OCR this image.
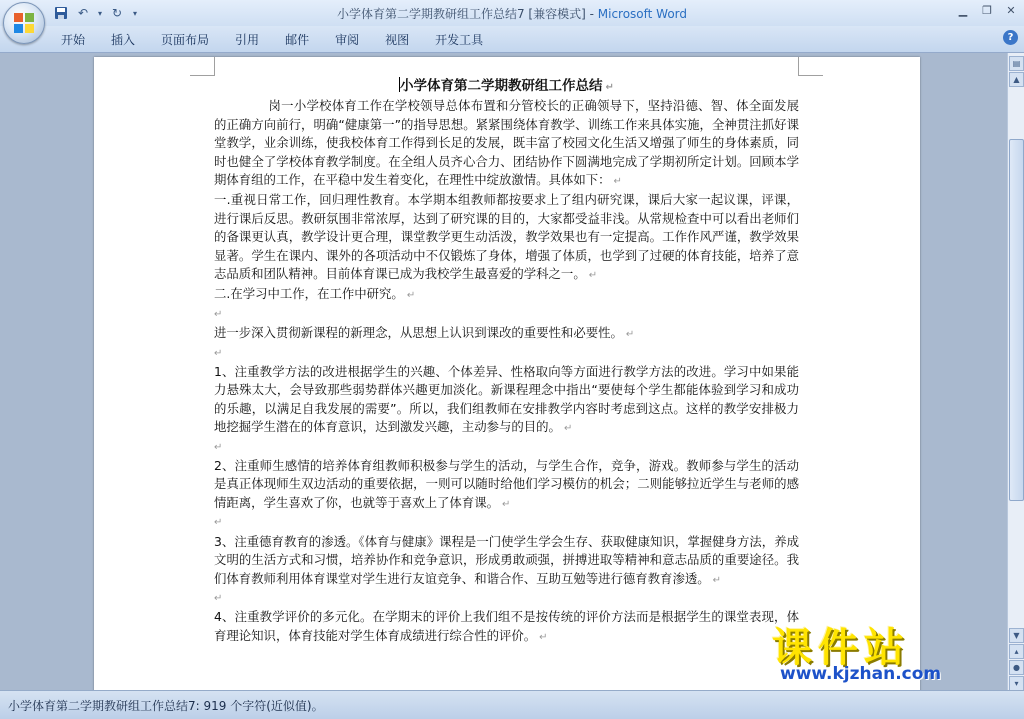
↶	▾ ↻	▾	小学体育第二学期教研组工作总结7 [兼容模式] - Microsoft Word	▁	❐	✕
开始	插入	页面布局	引用	邮件	审阅	视图	开发工具	?

小学体育第二学期教研组工作总结 ↵

岗一小学校体育工作在学校领导总体布置和分管校长的正确领导下，坚持沿德、智、体全面发展的正确方向前行，明确“健康第一”的指导思想。紧紧围绕体育教学、训练工作来具体实施，全神贯注抓好课堂教学，业余训练，使我校体育工作得到长足的发展，既丰富了校园文化生活又增强了师生的身体素质，同时也健全了学校体育教学制度。在全组人员齐心合力、团结协作下圆满地完成了学期初所定计划。回顾本学期体育组的工作，在平稳中发生着变化，在理性中绽放激情。具体如下： ↵

一.重视日常工作，回归理性教育。本学期本组教师都按要求上了组内研究课，课后大家一起议课，评课，进行课后反思。教研氛围非常浓厚，达到了研究课的目的，大家都受益非浅。从常规检查中可以看出老师们的备课更认真，教学设计更合理，课堂教学更生动活泼，教学效果也有一定提高。工作作风严谨，教学效果显著。学生在课内、课外的各项活动中不仅锻炼了身体，增强了体质，也学到了过硬的体育技能，培养了意志品质和团队精神。目前体育课已成为我校学生最喜爱的学科之一。 ↵

二.在学习中工作，在工作中研究。 ↵

↵

进一步深入贯彻新课程的新理念，从思想上认识到课改的重要性和必要性。 ↵

↵

1、注重教学方法的改进根据学生的兴趣、个体差异、性格取向等方面进行教学方法的改进。学习中如果能力悬殊太大，会导致那些弱势群体兴趣更加淡化。新课程理念中指出“要使每个学生都能体验到学习和成功的乐趣，以满足自我发展的需要”。所以，我们组教师在安排教学内容时考虑到这点。这样的教学安排极力地挖掘学生潜在的体育意识，达到激发兴趣，主动参与的目的。 ↵

↵

2、注重师生感情的培养体育组教师积极参与学生的活动，与学生合作，竞争，游戏。教师参与学生的活动是真正体现师生双边活动的重要依据，一则可以随时给他们学习模仿的机会；二则能够拉近学生与老师的感情距离，学生喜欢了你，也就等于喜欢上了体育课。 ↵

↵

3、注重德育教育的渗透。《体育与健康》课程是一门使学生学会生存、获取健康知识，掌握健身方法，养成文明的生活方式和习惯，培养协作和竞争意识，形成勇敢顽强，拼搏进取等精神和意志品质的重要途径。我们体育教师利用体育课堂对学生进行友谊竞争、和谐合作、互助互勉等进行德育教育渗透。 ↵

↵

4、注重教学评价的多元化。在学期末的评价上我们组不是按传统的评价方法而是根据学生的课堂表现，体育理论知识，体育技能对学生体育成绩进行综合性的评价。 ↵

▤
▲
▼
▴
●
▾
小学体育第二学期教研组工作总结7: 919 个字符(近似值)。
课件站
www.kjzhan.com
